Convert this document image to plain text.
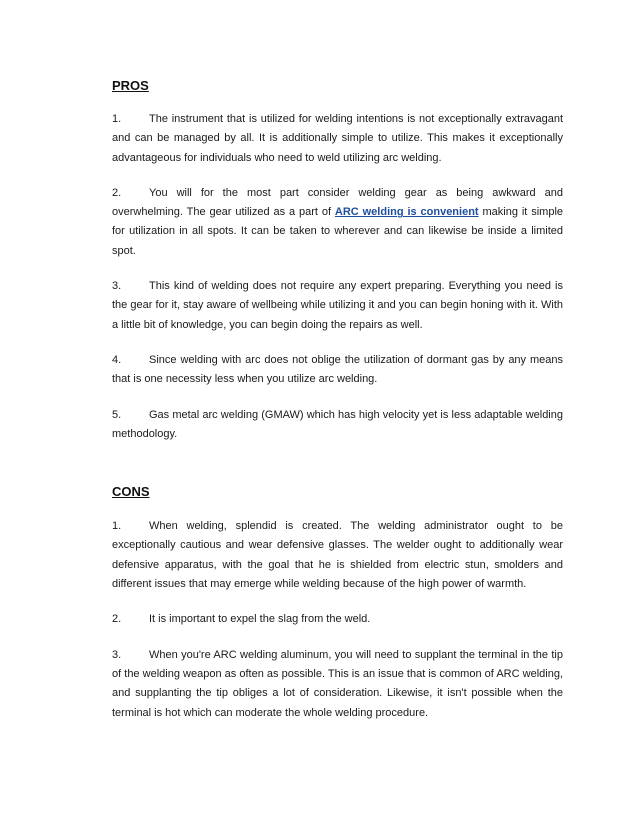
PROS

1.	The instrument that is utilized for welding intentions is not exceptionally extravagant and can be managed by all. It is additionally simple to utilize. This makes it exceptionally advantageous for individuals who need to weld utilizing arc welding.

2.	You will for the most part consider welding gear as being awkward and overwhelming. The gear utilized as a part of ARC welding is convenient making it simple for utilization in all spots. It can be taken to wherever and can likewise be inside a limited spot.

3.	This kind of welding does not require any expert preparing. Everything you need is the gear for it, stay aware of wellbeing while utilizing it and you can begin honing with it. With a little bit of knowledge, you can begin doing the repairs as well.

4.	Since welding with arc does not oblige the utilization of dormant gas by any means that is one necessity less when you utilize arc welding.

5.	Gas metal arc welding (GMAW) which has high velocity yet is less adaptable welding methodology.

CONS

1.	When welding, splendid is created. The welding administrator ought to be exceptionally cautious and wear defensive glasses. The welder ought to additionally wear defensive apparatus, with the goal that he is shielded from electric stun, smolders and different issues that may emerge while welding because of the high power of warmth.

2.	It is important to expel the slag from the weld.

3.	When you're ARC welding aluminum, you will need to supplant the terminal in the tip of the welding weapon as often as possible. This is an issue that is common of ARC welding, and supplanting the tip obliges a lot of consideration. Likewise, it isn't possible when the terminal is hot which can moderate the whole welding procedure.
